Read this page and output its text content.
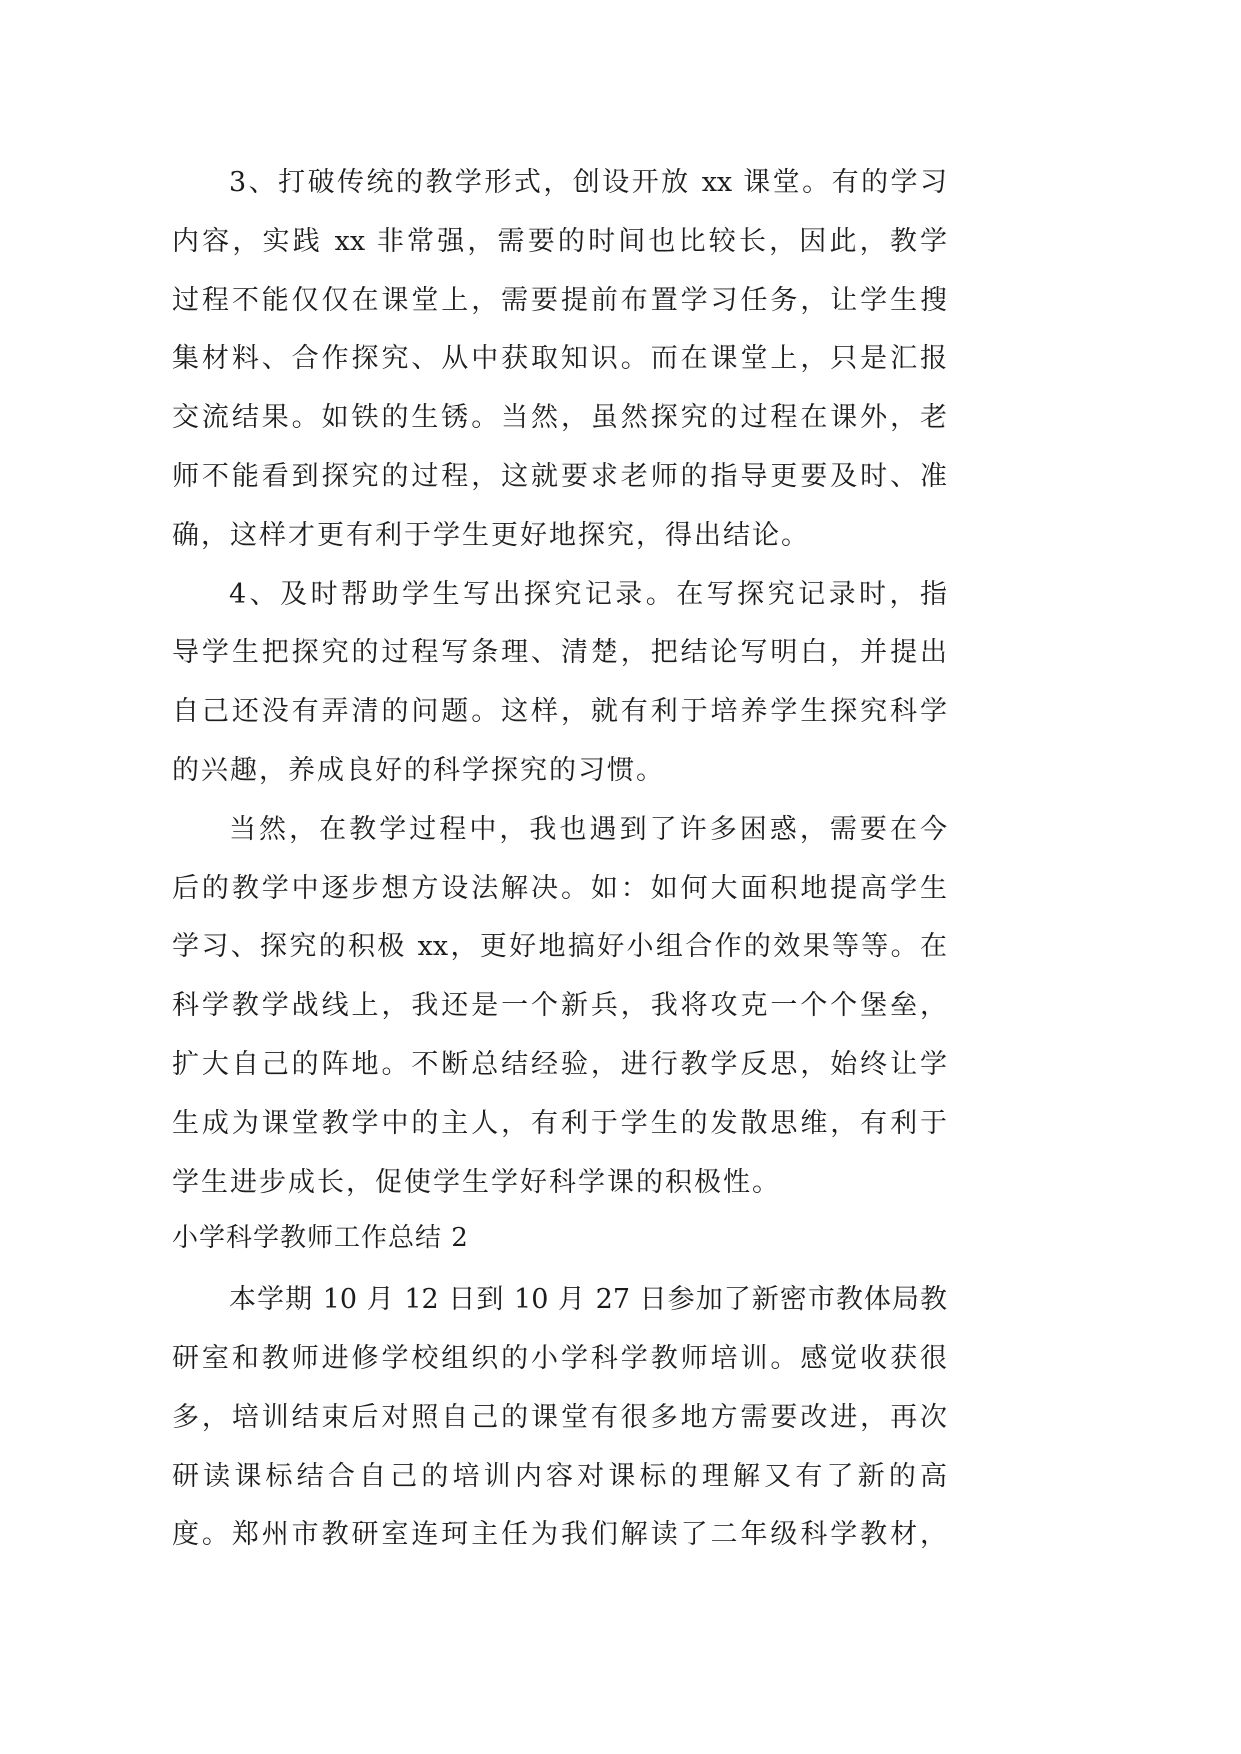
3、打破传统的教学形式，创设开放 xx 课堂。有的学习
内容，实践 xx 非常强，需要的时间也比较长，因此，教学
过程不能仅仅在课堂上，需要提前布置学习任务，让学生搜
集材料、合作探究、从中获取知识。而在课堂上，只是汇报
交流结果。如铁的生锈。当然，虽然探究的过程在课外，老
师不能看到探究的过程，这就要求老师的指导更要及时、准
确，这样才更有利于学生更好地探究，得出结论。
4、及时帮助学生写出探究记录。在写探究记录时，指
导学生把探究的过程写条理、清楚，把结论写明白，并提出
自己还没有弄清的问题。这样，就有利于培养学生探究科学
的兴趣，养成良好的科学探究的习惯。
当然，在教学过程中，我也遇到了许多困惑，需要在今
后的教学中逐步想方设法解决。如：如何大面积地提高学生
学习、探究的积极 xx，更好地搞好小组合作的效果等等。在
科学教学战线上，我还是一个新兵，我将攻克一个个堡垒，
扩大自己的阵地。不断总结经验，进行教学反思，始终让学
生成为课堂教学中的主人，有利于学生的发散思维，有利于
学生进步成长，促使学生学好科学课的积极性。
小学科学教师工作总结 2
本学期 10 月 12 日到 10 月 27 日参加了新密市教体局教
研室和教师进修学校组织的小学科学教师培训。感觉收获很
多，培训结束后对照自己的课堂有很多地方需要改进，再次
研读课标结合自己的培训内容对课标的理解又有了新的高
度。郑州市教研室连珂主任为我们解读了二年级科学教材，
